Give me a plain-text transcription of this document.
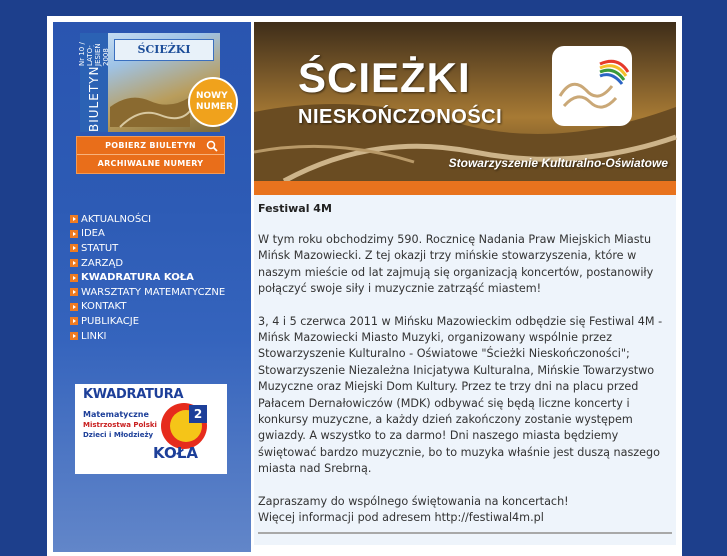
BIULETYN
Nr 10 / LATO-JESIEŃ 2008	ŚCIEŻKI
NOWY
NUMER
POBIERZ BIULETYN
ARCHIWALNE NUMERY
AKTUALNOŚCI
IDEA
STATUT
ZARZĄD
KWADRATURA KOŁA
WARSZTATY MATEMATYCZNE
KONTAKT
PUBLIKACJE
LINKI
2
KWADRATURA
Matematyczne
Mistrzostwa Polski
Dzieci i Młodzieży
KOŁA
ŚCIEŻKI
NIESKOŃCZONOŚCI
Stowarzyszenie Kulturalno-Oświatowe
Festiwal 4M

W tym roku obchodzimy 590. Rocznicę Nadania Praw Miejskich Miastu Mińsk Mazowiecki. Z tej okazji trzy mińskie stowarzyszenia, które w naszym mieście od lat zajmują się organizacją koncertów, postanowiły połączyć swoje siły i muzycznie zatrząść miastem!

3, 4 i 5 czerwca 2011 w Mińsku Mazowieckim odbędzie się Festiwal 4M - Mińsk Mazowiecki Miasto Muzyki, organizowany wspólnie przez Stowarzyszenie Kulturalno - Oświatowe "Ścieżki Nieskończoności"; Stowarzyszenie Niezależna Inicjatywa Kulturalna, Mińskie Towarzystwo Muzyczne oraz Miejski Dom Kultury. Przez te trzy dni na placu przed Pałacem Dernałowiczów (MDK) odbywać się będą liczne koncerty i konkursy muzyczne, a każdy dzień zakończony zostanie występem gwiazdy. A wszystko to za darmo! Dni naszego miasta będziemy świętować bardzo muzycznie, bo to muzyka właśnie jest duszą naszego miasta nad Srebrną.

Zapraszamy do wspólnego świętowania na koncertach!
Więcej informacji pod adresem http://festiwal4m.pl
